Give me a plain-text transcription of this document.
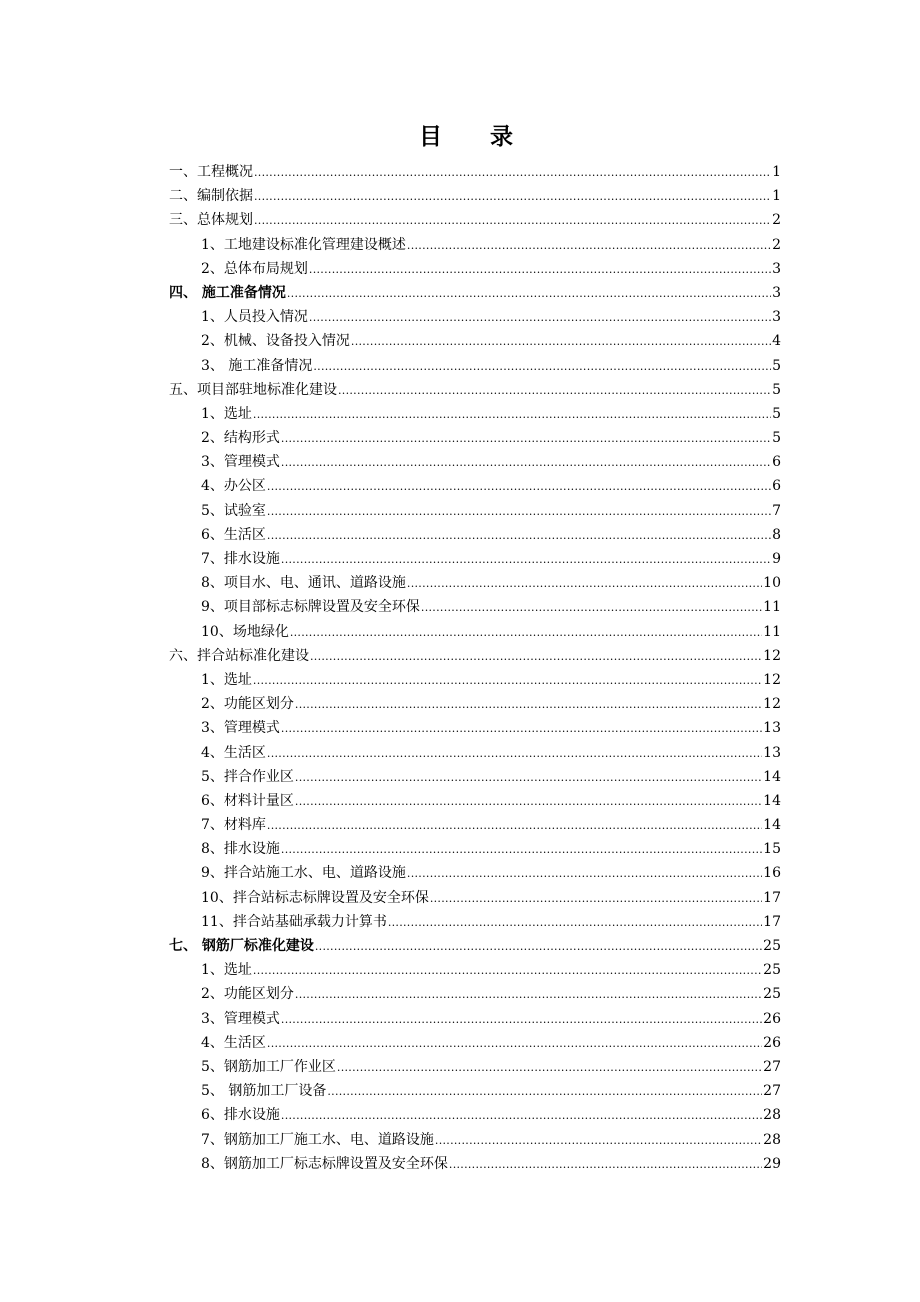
目 录
一、工程概况 .....	1
二、编制依据 .....	1
三、总体规划 .....	2
1、工地建设标准化管理建设概述 .....	2
2、总体布局规划 .....	3
四、 施工准备情况 .....	3
1、人员投入情况 .....	3
2、机械、设备投入情况 .....	4
3、 施工准备情况 .....	5
五、项目部驻地标准化建设 .....	5
1、选址 .....	5
2、结构形式 .....	5
3、管理模式 .....	6
4、办公区 .....	6
5、试验室 .....	7
6、生活区 .....	8
7、排水设施 .....	9
8、项目水、电、通讯、道路设施 .....	10
9、项目部标志标牌设置及安全环保 .....	11
10、场地绿化 .....	11
六、拌合站标准化建设 .....	12
1、选址 .....	12
2、功能区划分 .....	12
3、管理模式 .....	13
4、生活区 .....	13
5、拌合作业区 .....	14
6、材料计量区 .....	14
7、材料库 .....	14
8、排水设施 .....	15
9、拌合站施工水、电、道路设施 .....	16
10、拌合站标志标牌设置及安全环保 .....	17
11、拌合站基础承载力计算书 .....	17
七、 钢筋厂标准化建设 .....	25
1、选址 .....	25
2、功能区划分 .....	25
3、管理模式 .....	26
4、生活区 .....	26
5、钢筋加工厂作业区 .....	27
5、 钢筋加工厂设备 .....	27
6、排水设施 .....	28
7、钢筋加工厂施工水、电、道路设施 .....	28
8、钢筋加工厂标志标牌设置及安全环保 .....	29
